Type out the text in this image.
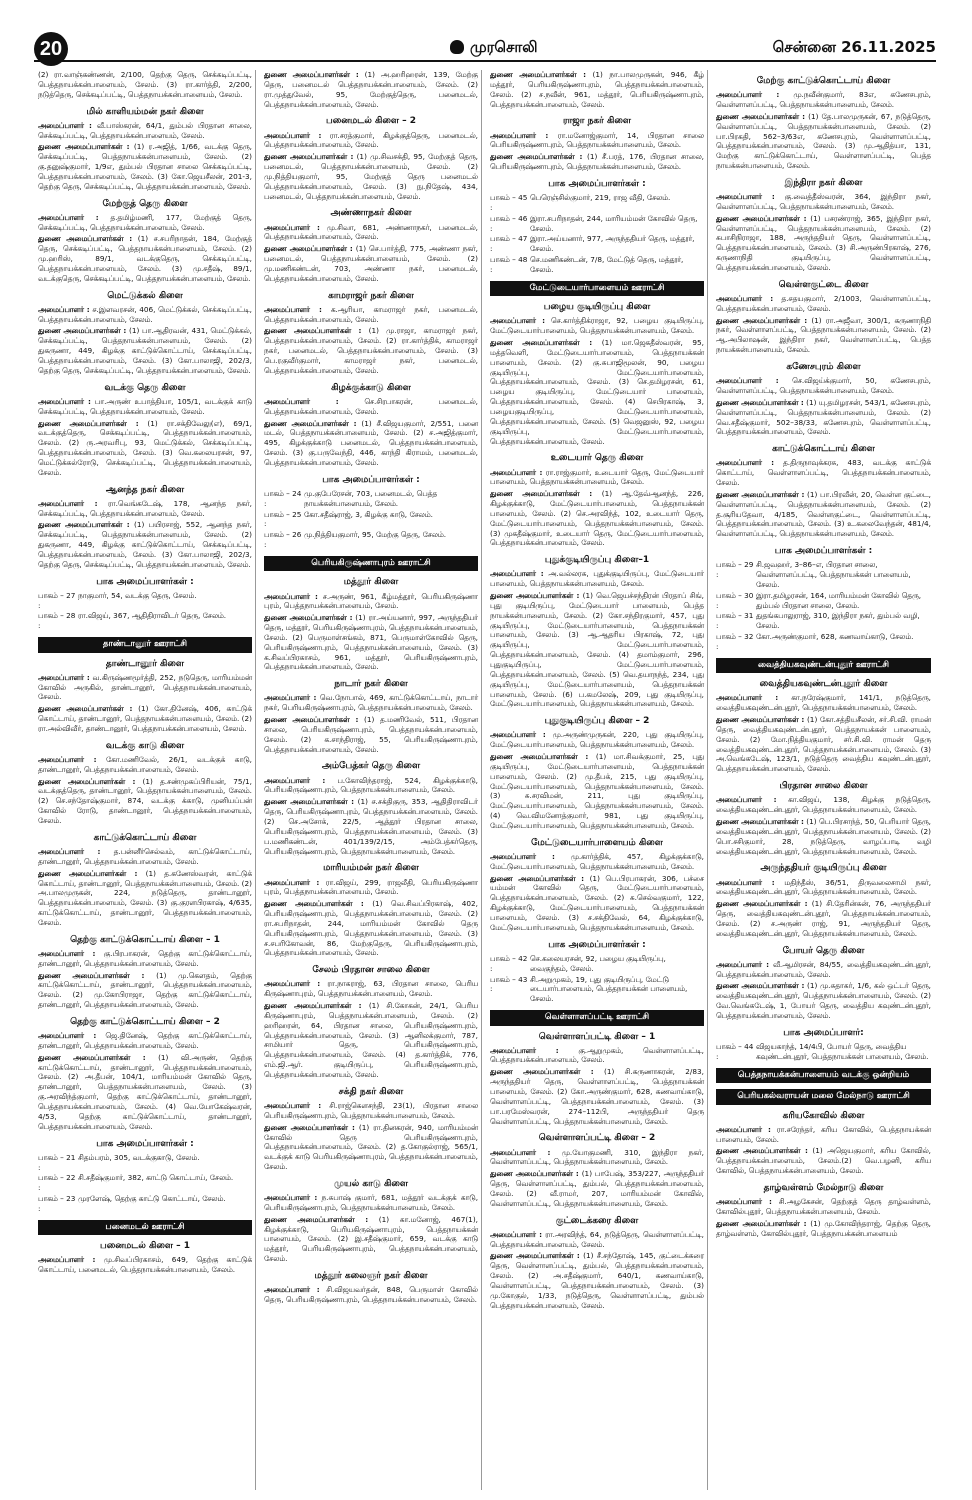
20	முரசொலி	சென்னை 26.11.2025

(2) ரா.வாஞ்கண்ணன், 2/100, தெற்கு தெரு, செக்கடிப்பட்டி, பெத்தநாயக்கன்பாளையம், சேலம். (3) ரா.கார்த்தி, 2/200, நடுத்தெரு, செக்கடிப்பட்டி, பெத்தநாயக்கன்பாளையம், சேலம்.

மில் காளியம்மன் நகர் கிளை

அமைப்பாளர் : வீ.பாஸ்கரன், 64/1, தும்பல் பிரதான சாலை, செக்கடிப்பட்டி, பெத்தநாயக்கன்பாளையம், சேலம்.

துணை அமைப்பாளர்கள் : (1) ர.அஜித், 1/66, வடக்கு தெரு, செக்கடிப்பட்டி, பெத்தநாயக்கன்பாளையம், சேலம். (2) கு.தனுஷ்குமார், 1/9எ, தும்பல் பிரதான சாலை செக்கடிப்பட்டி, பெத்தநாயக்கன்பாளையம், சேலம். (3) கோ.ஜெயசீலன், 201-3, தெற்கு தெரு, செக்கடிப்பட்டி, பெத்தநாயக்கன்பாளையம், சேலம்.

மேற்குத் தெரு கிளை

அமைப்பாளர் : த.தமிழ்மணி, 177, மேற்குத் தெரு, செக்கடிப்பட்டி, பெத்தநாயக்கன்பாளையம், சேலம்.

துணை அமைப்பாளர்கள் : (1) ச.சபரிநாதன், 184, மேற்குத் தெரு, செக்கடிப்பட்டி, பெத்தநாயக்கன்பாளையம், சேலம். (2) மு.ஹரிஸ், 89/1, வடக்குதெரு, செக்கடிப்பட்டி, பெத்தநாயக்கன்பாளையம், சேலம். (3) மு.சதீஷ், 89/1, வடக்குதெரு, செக்கடிப்பட்டி, பெத்தநாயக்கன்பாளையம், சேலம்.

மெட்டுக்கல் கிளை

அமைப்பாளர் : ச.இளவரசன், 406, மெட்டுக்கல், செக்கடிப்பட்டி, பெத்தநாயக்கன்பாளையம், சேலம்.

துணை அமைப்பாளர்கள் : (1) பா.ஆதிரவன், 431, மெட்டுக்கல், செக்கடிப்பட்டி, பெத்தநாயக்கன்பாளையம், சேலம். (2) துகருணா, 449, கிழக்கு காட்டுக்கொட்டாய், செக்கடிப்பட்டி, பெத்தநாயக்கன்பாளையம், சேலம். (3) கோ.பாலாஜி, 202/3, தெற்கு தெரு, செக்கடிப்பட்டி, பெத்தநாயக்கன்பாளையம், சேலம்.

வடக்கு தெரு கிளை

அமைப்பாளர் : பா.அருண் உபாத்தியா, 105/1, வடக்குக் காடு செக்கடிப்பட்டி, பெத்தநாயக்கன்பாளையம், சேலம்.

துணை அமைப்பாளர்கள் : (1) ரா.சக்திவேலு(எ), 69/1, வடக்குத்தெரு, செக்கடிப்பட்டி, பெத்தநாயக்கன்பாளையம், சேலம். (2) ரு.அரவரிபு, 93, மெட்டுக்கல், செக்கடிப்பட்டி, பெத்தநாயக்கன்பாளையம், சேலம். (3) வெ.கலையரசன், 97, மெட்டுக்கல்ரோடு, செக்கடிப்பட்டி, பெத்தநாயக்கன்பாளையம், சேலம்.

ஆனந்த நகர் கிளை

அமைப்பாளர் : ரா.வெங்கடேஷ், 178, ஆனந்த நகர், செக்கடிப்பட்டி, பெத்தநாயக்கன்பாளையம், சேலம்.

துணை அமைப்பாளர்கள் : (1) பயிரசாஜ், 552, ஆனந்த நகர், செக்கடிப்பட்டி, பெத்தநாயக்கன்பாளையம், சேலம். (2) துகருணா, 449, கிழக்கு காட்டுக்கொட்டாய், செக்கடிப்பட்டி, பெத்தநாயக்கன்பாளையம், சேலம். (3) கோ.பாலாஜி, 202/3, தெற்கு தெரு, செக்கடிப்பட்டி, பெத்தநாயக்கன்பாளையம், சேலம்.

பாக அமைப்பாளர்கள் :
பாகம் – 27 :
நாகுமார், 54, வடக்கு தெரு, சேலம்.
பாகம் – 28 :
ரா.விஜய், 367, ஆதிதிராவிடர் தெரு, சேலம்.
தாண்டானூர் ஊராட்சி
தாண்டானூர் கிளை

அமைப்பாளர் : வ.கிருஷ்ணமூர்த்தி, 252, நடுதெரு, மாரியம்மன் கோவில் அருகில், தாண்டானூர், பெத்தநாயக்கன்பாளையம், சேலம்.

துணை அமைப்பாளர்கள் : (1) கோ.தினேஷ், 406, காட்டுக் கொட்டாய், தாண்டானூர், பெத்தநாயக்கன்பாளையம், சேலம். (2) ரா.அல்விவீர், தாண்டானூர், பெத்தநாயக்கன்பாளையம், சேலம்.

வடக்கு காடு கிளை

அமைப்பாளர் : கோ.மணிவேல், 26/1, வடக்குக் காடு, தாண்டானூர், பெத்தநாயக்கன்பாளையம், சேலம்.

துணை அமைப்பாளர்கள் : (1) த.சண்முகப்பிரியன், 75/1, வடக்குத்தெரு, தாண்டானூர், பெத்தநாயக்கன்பாளையம், சேலம். (2) செ.சந்தோஷ்குமார், 874, வடக்கு க்காடு, முனியப்பன் கோவில் ரோடு, தாண்டானூர், பெத்தநாயக்கன்பாளையம், சேலம்.

காட்டுக்கொட்டாய் கிளை

அமைப்பாளர் : த.பன்னீர்செல்வம், காட்டுக்கொட்டாய், தாண்டானூர், பெத்தநாயக்கன்பாளையம், சேலம்.

துணை அமைப்பாளர்கள் : (1) த.கணேஸ்வரன், காட்டுக் கொட்டாய், தாண்டானூர், பெத்தநாயக்கன்பாளையம், சேலம். (2) அ.பாலமுருகன், 224, நடுத்தெரு, தாண்டானூர், பெத்தநாயக்கன்பாளையம், சேலம். (3) கு.குரளபிரகாஷ், 4/635, காட்டுக்கொட்டாய், தாண்டானூர், பெத்தநாயக்கன்பாளையம், சேலம்.

தெற்கு காட்டுக்கொட்டாய் கிளை – 1

அமைப்பாளர் : கு.பிரபாகரன், தெற்கு காட்டுக்கொட்டாய், தாண்டானூர், பெத்தநாயக்கன்பாளையம், சேலம்.

துணை அமைப்பாளர்கள் : (1) மு.கௌதம், தெற்கு காட்டுக்கொட்டாய், தாண்டானூர், பெத்தநாயக்கன்பாளையம், சேலம். (2) மு.கோபிராஜா, தெற்கு காட்டுக்கொட்டாய், தாண்டானூர், பெத்தநாயக்கன்பாளையம், சேலம்.

தெற்கு காட்டுக்கொட்டாய் கிளை – 2

அமைப்பாளர் : ஜெ.தினேஷ், தெற்கு காட்டுக்கொட்டாய், தாண்டானூர், பெத்தநாயக்கன்பாளையம், சேலம்.

துணை அமைப்பாளர்கள் : (1) வி.அருண், தெற்கு காட்டுக்கொட்டாய், தாண்டானூர், பெத்தநாயக்கன்பாளையம், சேலம். (2) அ.தீபன், 104/1, மாரியம்மன் கோவில் தெரு, தாண்டானூர், பெத்தநாயக்கன்பாளையம், சேலம். (3) கு.அரவிந்த்குமார், தெற்கு காட்டுக்கொட்டாய், தாண்டானூர், பெத்தநாயக்கன்பாளையம், சேலம். (4) வெ.யோகேஷ்வரன், 4/53, தெற்கு காட்டுக்கொட்டாய், தாண்டானூர், பெத்தநாயக்கன்பாளையம், சேலம்.

பாக அமைப்பாளர்கள் :
பாகம் – 21 :
சிதம்பரம், 305, வடக்குகாடு, சேலம்.
பாகம் – 22 :
சி.சதீஷ்குமார், 382, காட்டு கொட்டாய், சேலம்.
பாகம் – 23 :
முரளேஷ், தெற்கு காட்டு கொட்டாய், சேலம்.
பனைமடல் ஊராட்சி
பனைமடல் கிளை – 1

அமைப்பாளர் : மு.சிவப்பிரகாசம், 649, தெற்கு காட்டுக் கொட்டாய், பனைமடல், பெத்தநாயக்கன்பாளையம், சேலம்.

துணை அமைப்பாளர்கள் : (1) அ.ஹரிஹரன், 139, மேற்கு தெரு, பனைமடல் பெத்தநாயக்கன்பாளையம், சேலம். (2) ரா.முத்துவேல், 95, மேற்குத்தெரு, பனைமடல், பெத்தநாயக்கன்பாளையம், சேலம்.

பனைமடல் கிளை – 2

அமைப்பாளர் : ரா.சரத்குமார், கிழக்குத்தெரு, பனைமடல், பெத்தநாயக்கன்பாளையம், சேலம்.

துணை அமைப்பாளர்கள் : (1) மு.சிவசக்தி, 95, மேற்குத் தெரு, பனைமடல், பெத்தநாயக்கன்பாளையம், சேலம். (2) மு.நித்தியகுமார், 95, மேற்குத் தெரு பனைமடல் பெத்தநாயக்கன்பாளையம், சேலம். (3) நு.நிதேஷ், 434, பனைமடல், பெத்தநாயக்கன்பாளையம், சேலம்.

அண்ணாநகர் கிளை

அமைப்பாளர் : மு.சிவா, 681, அண்ணாநகர், பனைமடல், பெத்தநாயக்கன்பாளையம், சேலம்.

துணை அமைப்பாளர்கள் : (1) செ.பார்த்தி, 775, அண்ணா நகர், பனைமடல், பெத்தநாயக்கன்பாளையம், சேலம். (2) மு.மணிகண்டன், 703, அண்ணா நகர், பனைமடல், பெத்தநாயக்கன்பாளையம், சேலம்.

காமராஜர் நகர் கிளை

அமைப்பாளர் : க.ஆரியா, காமராஜர் நகர், பனைமடல், பெத்தநாயக்கன்பாளையம், சேலம்.

துணை அமைப்பாளர்கள் : (1) மு.ராஜா, காமராஜர் நகர், பெத்தநாயக்கன்பாளையம், சேலம். (2) ரா.கார்த்திக், காமராஜர் நகர், பனைமடல், பெத்தநாயக்கன்பாளையம், சேலம். (3) பெ.ரகுவீர்குமார், காமராஜர் நகர், பனைமடல், பெத்தநாயக்கன்பாளையம், சேலம்.

கிழக்குக்காடு கிளை

அமைப்பாளர் :	செ.சிரபாகரன், பனைமடல், பெத்தநாயக்கன்பாளையம், சேலம்.

துணை அமைப்பாளர்கள் : (1) சீ.விஜயகுமார், 2/551, பனை மடல், பெத்தநாயக்கன்பாளையம், சேலம். (2) ச.அஜித்குமார், 495, கிழக்குக்காடு பனைமடல், பெத்தநாயக்கன்பாளையம், சேலம். (3) கு.பருவேந்தி, 446, காந்தி கிராமம், பனைமடல், பெத்தநாயக்கன்பாளையம், சேலம்.

பாக அமைப்பாளர்கள் :
பாகம் – 24 :
மு.குபேரேசன், 703, பனைமடல், பெத்த நாயக்கன்பாளையம், சேலம்.
பாகம் – 25 :
கோ.சதீஷ்ராஜ், 3, கிழக்கு காடு, சேலம்.
பாகம் – 26 :
மு.நித்தியகுமார், 95, மேற்கு தெரு, சேலம்.
பெரியகிருஷ்ணாபுரம் ஊராட்சி
மத்தூர் கிளை

அமைப்பாளர் : ச.அருண், 961, கீழ்மத்தூர், பெரியகிருஷ்ணா புரம், பெத்தநாயக்கன்பாளையம், சேலம்.

துணை அமைப்பாளர்கள் : (1) ரா.அய்யனார், 997, அருந்ததியர் தெரு, மத்தூர், பெரியகிருஷ்ணாபுரம், பெத்தநாயக்கன்பாளையம், சேலம். (2) பெருமாள்சங்கம், 871, பெருமாள்கோவில் தெரு, பெரியகிருஷ்ணாபுரம், பெத்தநாயக்கன்பாளையம், சேலம். (3) க.சிவப்பிரகாசம், 961, மத்தூர், பெரியகிருஷ்ணாபுரம், பெத்தநாயக்கன்பாளையம், சேலம்.

நாடார் நகர் கிளை

அமைப்பாளர் : வெ.நோபால், 469, காட்டுக்கொட்டாய், நாடார் நகர், பெரியகிருஷ்ணாபுரம், பெத்தநாயக்கன்பாளையம், சேலம்.

துணை அமைப்பாளர்கள் : (1) த.மணிவேல், 511, பிரதான சாலை, பெரியகிருஷ்ணாபுரம், பெத்தநாயக்கன்பாளையம், சேலம். (2) க.சாந்திராஜ், 55, பெரியகிருஷ்ணாபுரம், பெத்தநாயக்கன்பாளையம், சேலம்.

அம்பேத்கர் தெரு கிளை

அமைப்பாளர் : ப.கோவிந்தராஜ், 524, கிழக்குக்காடு, பெரியகிருஷ்ணாபுரம், பெத்தநாயக்கன்பாளையம், சேலம்.

துணை அமைப்பாளர்கள் : (1) ச.சக்திகுரு, 353, ஆதிதிராவிடர் தெரு, பெரியகிருஷ்ணாபுரம், பெத்தநாயக்கன்பாளையம், சேலம். (2) செ.அசோக், 22/5, ஆத்தூர் பிரதான சாலை, பெரியகிருஷ்ணாபுரம், பெத்தநாயக்கன்பாளையம், சேலம். (3) ப.மணிகண்டன், 401/139/2/15, அம்பேத்கர்தெரு, பெரியகிருஷ்ணாபுரம், பெத்தநாயக்கன்பாளையம், சேலம்.

மாரியம்மன் நகர் கிளை

அமைப்பாளர் : ரா.விஜய், 299, ராஜலீதி, பெரியகிருஷ்ணா புரம், பெத்தநாயக்கன்பாளையம், சேலம்.

துணை அமைப்பாளர்கள் : (1) வெ.சிவப்பிரகாஷ், 402, பெரியகிருஷ்ணாபுரம், பெத்தநாயக்கன்பாளையம், சேலம். (2) ரா.சபரிநாதன், 244, மாரியம்மன் கோவில் தெரு பெரியகிருஷ்ணாபுரம், பெத்தநாயக்கன்பாளையம், சேலம். (3) ச.சபரிகோவன், 86, மேற்குதெரு, பெரியகிருஷ்ணாபுரம், பெத்தநாயக்கன்பாளையம், சேலம்.

சேலம் பிரதான சாலை கிளை

அமைப்பாளர் : ரா.நாகராஜ், 63, பிரதான சாலை, பெரிய கிருஷ்ணாபுரம், பெத்தநாயக்கன்பாளையம், சேலம்.

துணை அமைப்பாளர்கள் : (1) சி.கோகன், 24/1, பெரிய கிருஷ்ணாபுரம், பெத்தநாயக்கன்பாளையம், சேலம். (2) ஹரிஹரன், 64, பிரதான சாலை, பெரியகிருஷ்ணாபுரம், பெத்தநாயக்கன்பாளையம், சேலம். (3) ஆனிலக்குமார், 787, சாமியார் தெரு, பெரியகிருஷ்ணாபுரம், பெத்தநாயக்கன்பாளையம், சேலம். (4) த.கார்த்திக், 776, எம்.ஜி.ஆர். குடியிருப்பு, பெரியகிருஷ்ணாபுரம், பெத்தநாயக்கன்பாளையம், சேலம்.

சக்தி நகர் கிளை

அமைப்பாளர் : சி.ராஜ்கௌசந்தி, 23(1), பிரதான சாலை பெரியகிருஷ்ணாபுரம், பெத்தநாயக்கன்பாளையம், சேலம்.

துணை அமைப்பாளர்கள் : (1) ரா.தினகரன், 940, மாரியம்மன் கோவில் தெரு பெரியகிருஷ்ணாபுரம், பெத்தநாயக்கன்பாளையம், சேலம். (2) த.கோகுல்ராஜ், 565/1, வடக்குக் காடு பெரியகிருஷ்ணாபுரம், பெத்தநாயக்கன்பாளையம், சேலம்.

முயல் காடு கிளை

அமைப்பாளர் : ந.சுபாஷ் குமார், 681, மத்தூர் வடக்குக் காடு, பெரியகிருஷ்ணாபுரம், பெத்தநாயக்கன்பாளையம், சேலம்.

துணை அமைப்பாளர்கள் : (1) கா.மனோஜ், 467(1), கிழக்குக்காடு, பெரியகிருஷ்ணாபுரம், பெத்தநாயக்கன் பாளையம், சேலம். (2) இ.சதீஷ்குமார், 659, வடக்கு காடு மத்தூர், பெரியகிருஷ்ணாபுரம், பெத்தநாயக்கன்பாளையம், சேலம்.

மத்தூர் கலைஞர் நகர் கிளை

அமைப்பாளர் : சி.விஜயவர்தன், 848, பெருமாள் கோவில் தெரு, பெரியகிருஷ்ணாபுரம், பெத்தநாயக்கன்பாளையம், சேலம்.

துணை அமைப்பாளர்கள் : (1) நா.பாலமுருகன், 946, கீழ் மத்தூர், பெரியகிருஷ்ணாபுரம், பெத்தநாயக்கன்பாளையம், சேலம். (2) ச.நவீன், 961, மத்தூர், பெரியகிருஷ்ணாபுரம், பெத்தநாயக்கன்பாளையம், சேலம்.

ராஜா நகர் கிளை

அமைப்பாளர் : ரா.மனோஜ்குமார், 14, பிரதான சாலை பெரியகிருஷ்ணாபுரம், பெத்தநாயக்கன்பாளையம், சேலம்.

துணை அமைப்பாளர்கள் : (1) சீ.பரத், 176, பிரதான சாலை, பெரியகிருஷ்ணாபுரம், பெத்தநாயக்கன்பாளையம், சேலம்.

பாக அமைப்பாளர்கள் :
பாகம் – 45 :
பெரெஞ்சில்குமார், 219, ராஜ வீதி, சேலம்.
பாகம் – 46 :
இரா.சபரிநாதன், 244, மாரியம்மன் கோவில் தெரு, சேலம்.
பாகம் – 47 :
இரா.அய்யனார், 977, அருந்ததியர் தெரு, மத்தூர், சேலம்.
பாகம் – 48 :
செ.மணிகண்டன், 7/8, மேட்டுத் தெரு, மத்தூர், சேலம்.
மேட்டுடையார்பாளையம் ஊராட்சி
பழைய குடியிருப்பு கிளை

அமைப்பாளர் : செ.கார்த்திக்ராஜா, 92, பழைய குடியிருப்பு, மேட்டுடையார்பாளையம், பெத்தநாயக்கன்பாளையம், சேலம்.

துணை அமைப்பாளர்கள் : (1) மா.ஜெகதீஸ்வரன், 95, மத்தவெளி, மேட்டுடையார்பாளையம், பெத்தநாயக்கன் பாளையம், சேலம். (2) கு.சுபாஜிமூலன், 90, பழைய குடியிருப்பு, மேட்டுடையார்பாளையம், பெத்தநாயக்கன்பாளையம், சேலம். (3) செ.தமிழரசன், 61, பழைய குடியிருப்பு, மேட்டுடையார் பாளையம், பெத்தநாயக்கன்பாளையம், சேலம். (4) செபிரகாஷ், 3, பழையகுடியிருப்பு, மேட்டுடையார்பாளையம், பெத்தநாயக்கன்பாளையம், சேலம். (5) வெஜனுஸ், 92, பழைய குடியிருப்பு, மேட்டுடையார்பாளையம், பெத்தநாயக்கன்பாளையம், சேலம்.

உடையார் தெரு கிளை

அமைப்பாளர் : ரா.ராஜ்குமார், உடையார் தெரு, மேட்டுடையார் பாளையம், பெத்தநாயக்கன்பாளையம், சேலம்.

துணை அமைப்பாளர்கள் : (1) ஆ.தேவ்ஆனந்த், 226, கிழக்குக்காடு, மேட்டுடையார்பாளையம், பெத்தநாயக்கன் பாளையம், சேலம். (2) செ.அரவிந்த், 102, உடையார் தெரு, மேட்டுடையார்பாளையம், பெத்தநாயக்கன்பாளையம், சேலம். (3) முகதீஷ்குமார், உடையார் தெரு, மேட்டுடையார்பாளையம், பெத்தநாயக்கன்பாளையம், சேலம்.

புதுக்குடியிருப்பு கிளை–1

அமைப்பாளர் : அ.வல்லரசு, புதுக்குடியிருப்பு, மேட்டுடையார் பாளையம், பெத்தநாயக்கன்பாளையம், சேலம்.

துணை அமைப்பாளர்கள் : (1) வெ.ஜெயச்சந்திரன் பிரதாப் சிங், புது குடியிருப்பு, மேட்டுடையார் பாளையம், பெத்த நாயக்கன்பாளையம், சேலம். (2) கோ.சந்திரகுமார், 457, புது குடியிருப்பு, மேட்டுடையார்பாளையம், பெத்தநாயக்கன் பாளையம், சேலம். (3) ஆ.ஆதரிய பிரகாஷ், 72, புது குடியிருப்பு, மேட்டுடையார்பாளையம், பெத்தநாயக்கன்பாளையம், சேலம். (4) தமாம்குமார், 296, புதுகுடியிருப்பு, மேட்டுடையார்பாளையம், பெத்தநாயக்கன்பாளையம், சேலம். (5) வெ.தயாநந்த், 234, புது குடியிருப்பு, மேட்டுடையார்பாளையம், பெத்தநாயக்கன் பாளையம், சேலம். (6) ப.கமலேஷ், 209, புது குடியிருப்பு, மேட்டுடையார்பாளையம், பெத்தநாயக்கன்பாளையம், சேலம்.

புதுகுடியிருப்பு கிளை – 2

அமைப்பாளர் : மு.அருண்முருகன், 220, புது குடியிருப்பு, மேட்டுடையார்பாளையம், பெத்தநாயக்கன்பாளையம், சேலம்.

துணை அமைப்பாளர்கள் : (1) மா.சிவக்குமார், 25, புது குடியிருப்பு, மேட்டுடையார்பாளையம், பெத்தநாயக்கன் பாளையம், சேலம். (2) மு.தீபக், 215, புது குடியிருப்பு, மேட்டுடையார்பாளையம், பெத்தநாயக்கன்பாளையம், சேலம். (3) சு.சரவிமன், 211, புது குடியிருப்பு, மேட்டுடையார்பாளையம், பெத்தநாயக்கன்பாளையம், சேலம். (4) வெ.விமனோத்குமார், 981, புது குடியிருப்பு, மேட்டுடையார்பாளையம், பெத்தநாயக்கன்பாளையம், சேலம்.

மேட்டுடையார்பாளையம் கிளை

அமைப்பாளர் : மு.கார்த்திக், 457, கிழக்குக்காடு, மேட்டுடையார்பாளையம், பெத்தநாயக்கன்பாளையம், சேலம்.

துணை அமைப்பாளர்கள் : (1) பெ.பிரபாகரன், 306, பச்சை யம்மன் கோவில் தெரு, மேட்டுடையார்பாளையம், பெத்தநாயக்கன்பாளையம், சேலம். (2) சு.செல்வகுமார், 122, கிழக்குக்காடு, மேட்டுடையார்பாளையம், பெத்தநாயக்கன் பாளையம், சேலம். (3) ச.சக்திவேல், 64, கிழக்குக்காடு, மேட்டுடையார்பாளையம், பெத்தநாயக்கன்பாளையம், சேலம்.

பாக அமைப்பாளர்கள் :
பாகம் – 42 :
செ.கலையரசன், 92, பழைய குடியிருப்பு, வைகுந்தம், சேலம்.
பாகம் – 43 :
சி.அறுமுகம், 19, புது குடியிருப்பு, மேட்டு டையார்பாளையம், பெத்தநாயக்கன் பாளையம், சேலம்.
வெள்ளாளப்பட்டி ஊராட்சி
வெள்ளாளப்பட்டி கிளை – 1

அமைப்பாளர் :	கு.ஆறுமுகம், வெள்ளாளப்பட்டி, பெத்தநாயக்கன்பாளையம், சேலம்.

துணை அமைப்பாளர்கள் : (1) சி.கருணாகரன், 2/83, அருந்ததியர் தெரு, வெள்ளாளப்பட்டி, பெத்தநாயக்கன் பாளையம், சேலம். (2) கோ.அருண்குமார், 628, கணவாய்காடு, வெள்ளாளப்பட்டி, பெத்தநாயக்கன்பாளையம், சேலம். (3) பா.பரமேஸ்வரன், 274–112பி, அருந்ததியர் தெரு வெள்ளாளப்பட்டி, பெத்தநாயக்கன்பாளையம், சேலம்.

வெள்ளாளப்பட்டி கிளை – 2

அமைப்பாளர் : மு.யோகுமணி, 310, இந்திரா நகர், வெள்ளாளப்பட்டி, பெத்தநாயக்கன்பாளையம், சேலம்.

துணை அமைப்பாளர்கள் : (1) பாபேஷ், 353/227, அருந்ததியர் தெரு, வெள்ளாளப்பட்டி, தும்பல், பெத்தநாயக்கன்பாளையம், சேலம். (2) வீ.ராமர், 207, மாரியம்மன் கோவில், வெள்ளாளப்பட்டி, பெத்தநாயக்கன்பாளையம், சேலம்.

குட்டைக்கரை கிளை

அமைப்பாளர் : ரா.அரவிந்த், 64, நடுத்தெரு, வெள்ளாளப்பட்டி, பெத்தநாயக்கன்பாளையம், சேலம்.

துணை அமைப்பாளர்கள் : (1) சீ.சந்தோஷ், 145, குட்டைக்கரை தெரு, வெள்ளாளப்பட்டி, தும்பல், பெத்தநாயக்கன்பாளையம், சேலம். (2) அ.சதீஷ்குமார், 640/1, கணவாய்காடு, வெள்ளாளப்பட்டி, பெத்தநாயக்கன்பாளையம், சேலம். (3) மு.கோகுல், 1/33, நடுத்தெரு, வெள்ளாளப்பட்டி, தும்பல் பெத்தநாயக்கன்பாளையம், சேலம்.

மேற்கு காட்டுக்கொட்டாய் கிளை

அமைப்பாளர் : மு.நவீன்குமார், 83எ, கணேசபுரம், வெள்ளாளப்பட்டி, பெத்தநாயக்கன்பாளையம், சேலம்.

துணை அமைப்பாளர்கள் : (1) தே.பாலமுருகன், 67, நடுத்தெரு, வெள்ளாளப்பட்டி, பெத்தநாயக்கன்பாளையம், சேலம். (2) பா.பிரகதி, 562–3/63எ, கணேசபுரம், வெள்ளாளப்பட்டி, பெத்தநாயக்கன்பாளையம், சேலம். (3) மு.ஆதித்யா, 131, மேற்கு காட்டுக்கொட்டாய், வெள்ளாளப்பட்டி, பெத்த நாயக்கன்பாளையம், சேலம்.

இந்திரா நகர் கிளை

அமைப்பாளர் : கு.வைத்தீஸ்வரன், 364, இந்திரா நகர், வெள்ளாளப்பட்டி, பெத்தநாயக்கன்பாளையம், சேலம்.

துணை அமைப்பாளர்கள் : (1) பசரண்ராஜ், 365, இந்திரா நகர், வெள்ளாளப்பட்டி, பெத்தநாயக்கன்பாளையம், சேலம். (2) சுபாசிநிராஜா, 188, அருந்ததியர் தெரு, வெள்ளாளப்பட்டி, பெத்தநாயக்கன்பாளையம், சேலம். (3) சி.அருண்பிரகாஷ், 276, கருணாநிதி குடியிருப்பு, வெள்ளாளப்பட்டி, பெத்தநாயக்கன்பாளையம், சேலம்.

வெள்ளகுட்டை கிளை

அமைப்பாளர் : த.சதயகுமார், 2/1003, வெள்ளாளப்பட்டி, பெத்தநாயக்கன்பாளையம், சேலம்.

துணை அமைப்பாளர்கள் : (1) ரா.அஜீவா, 300/1, கருணாநிதி நகர், வெள்ளாளப்பட்டி, பெத்தநாயக்கன்பாளையம், சேலம். (2) ஆ.அபிலாஷன், இந்திரா நகர், வெள்ளாளப்பட்டி, பெத்த நாயக்கன்பாளையம், சேலம்.

கணேசபுரம் கிளை

அமைப்பாளர் : செ.விஜய்க்குமார், 50, கணேசபுரம், வெள்ளாளப்பட்டி, பெத்தநாயக்கன்பாளையம், சேலம்.

துணை அமைப்பாளர்கள் : (1) யு.தமிழரசன், 543/1, கணேசபுரம், வெள்ளாளப்பட்டி, பெத்தநாயக்கன்பாளையம், சேலம். (2) வெ.சதீஷ்குமார், 502–38/33, கணேசபுரம், வெள்ளாளப்பட்டி, பெத்தநாயக்கன்பாளையம், சேலம்.

காட்டுக்கொட்டாய் கிளை

அமைப்பாளர் : த.திருநாவுக்கரசு, 483, வடக்கு காட்டுக் கொட்டாய், வெள்ளாளப்பட்டி, பெத்தநாயக்கன்பாளையம், சேலம்.

துணை அமைப்பாளர்கள் : (1) பா.பிரவீன், 20, வெள்ள குட்டை, வெள்ளாளப்பட்டி, பெத்தநாயக்கன்பாளையம், சேலம். (2) த.சூரியதேவா, 4/185, வெள்ளகுட்டை, வெள்ளாளப்பட்டி, பெத்தநாயக்கன்பாளையம், சேலம். (3) உ.கலைவேந்தன், 481/4, வெள்ளாளப்பட்டி, பெத்தநாயக்கன்பாளையம், சேலம்.

பாக அமைப்பாளர்கள் :
பாகம் – 29 :
சி.ஜவஹர், 3–86–எ, பிரதான சாலை, வெள்ளாளப்பட்டி, பெத்தநாயக்கன் பாளையம், சேலம்.
பாகம் – 30 :
இரா.தமிழரசன், 164, மாரியம்மன் கோவில் தெரு, தும்பல் பிரதான சாலை, சேலம்.
பாகம் – 31 :
துதங்கபாலுராஜ், 310, இந்திரா நகர், தும்பல் வழி, சேலம்.
பாகம் – 32 :
கோ.அருண்குமார், 628, கணவாய்காடு, சேலம்.
வைத்தியகவுண்டன்புதூர் ஊராட்சி
வைத்தியகவுண்டன்புதூர் கிளை

அமைப்பாளர் : கா.நரேஷ்குமார், 141/1, நடுத்தெரு, வைத்தியகவுண்டன்புதூர், பெத்தநாயக்கன்பாளையம், சேலம்.

துணை அமைப்பாளர்கள் : (1) கோ.சத்தியசீலன், சர்.சி.வி. ராமன் தெரு, வைத்தியகவுண்டன்புதூர், பெத்தநாயக்கன் பாளையம், சேலம். (2) மோ.நித்தியகுமார், சர்.சி.வி. ராமன் தெரு வைத்தியகவுண்டன்புதூர், பெத்தநாயக்கன்பாளையம், சேலம். (3) அ.வெங்கடேஷ், 123/1, நடுத்தெரு வைத்திய கவுண்டன்புதூர், பெத்தநாயக்கன்பாளையம், சேலம்.

பிரதான சாலை கிளை

அமைப்பாளர் : கா.விஜய், 138, கிழக்கு நடுத்தெரு, வைத்தியகவுண்டன்புதூர், பெத்தநாயக்கன்பாளையம், சேலம்.

துணை அமைப்பாளர்கள் : (1) பெ.பிரசாந்த், 50, பெரியார் தெரு, வைத்தியகவுண்டன்புதூர், பெத்தநாயக்கன்பாளையம், சேலம். (2) பொ.சசிகுமார், 28, நடுத்தெரு, வாழப்பாடி வழி வைத்தியகவுண்டன்புதூர், பெத்தநாயக்கன்பாளையம், சேலம்.

அருந்ததியர் குடியிருப்பு கிளை

அமைப்பாளர் : மதிந்தீஸ், 36/51, திருவலைசாமி நகர், வைத்தியகவுண்டன்புதூர், பெத்தநாயக்கன்பாளையம், சேலம்.

துணை அமைப்பாளர்கள் : (1) சி.தேரின்கன், 76, அருந்ததியர் தெரு, வைத்தியகவுண்டன்புதூர், பெத்தநாயக்கன்பாளையம், சேலம். (2) ச.அருண் ராஜ், 91, அருந்ததியர் தெரு, வைத்தியகவுண்டன்புதூர், பெத்தநாயக்கன்பாளையம், சேலம்.

போயர் தெரு கிளை

அமைப்பாளர் : வீ.ஆமிரசன், 84/55, வைத்தியகவுண்டன்புதூர், பெத்தநாயக்கன்பாளையம், சேலம்.

துணை அமைப்பாளர்கள் : (1) மு.சுதாகர், 1/6, கல் ஒட்டர் தெரு, வைத்தியகவுண்டன்புதூர், பெத்தநாயக்கன்பாளையம், சேலம். (2) வே.வெங்கடேஷ், 1, போயர் தெரு, வைத்திய கவுண்டன்புதூர், பெத்தநாயக்கன்பாளையம், சேலம்.

பாக அமைப்பாளர்:
பாகம் – 44 :
விஜயகாந்த், 14/4பி, போயர் தெரு, வைத்திய கவுண்டன்புதூர், பெத்தநாயக்கன் பாளையம், சேலம்.
பெத்தநாயக்கன்பாளையம் வடக்கு ஒன்றியம்
பெரியகல்வராயன் மலை மேல்நாடு ஊராட்சி
கரியகோவில் கிளை

அமைப்பாளர் : ரா.சரேந்தர், கரிய கோவில், பெத்தநாயக்கன் பாளையம், சேலம்.

துணை அமைப்பாளர்கள் : (1) அஜெயகுமார், கரிய கோவில், பெத்தநாயக்கன்பாளையம், சேலம்.(2) வெ.பழனி, கரிய கோவில், பெத்தநாயக்கன்பாளையம், சேலம்.

தாழ்வள்ளம் மேல்நாடு கிளை

அமைப்பாளர் : சி.அழகேசன், தெற்குத் தெரு தாழ்வள்ளம், கோவில்புதூர், பெத்தநாயக்கன்பாளையம், சேலம்.

துணை அமைப்பாளர்கள் : (1) மு.கோவிந்தராஜ், தெற்கு தெரு, தாழ்வள்ளம், கோவில்புதூர், பெத்தநாயக்கன்பாளையம்
